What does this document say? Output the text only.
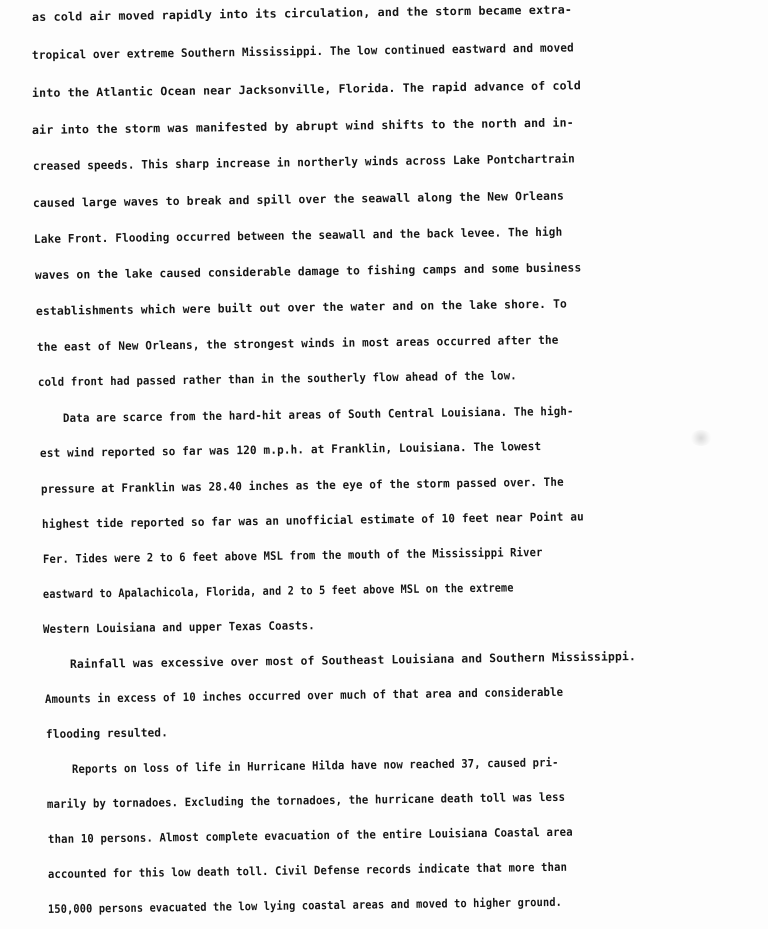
as cold air moved rapidly into its circulation, and the storm became extra-
tropical over extreme Southern Mississippi. The low continued eastward and moved
into the Atlantic Ocean near Jacksonville, Florida. The rapid advance of cold
air into the storm was manifested by abrupt wind shifts to the north and in-
creased speeds. This sharp increase in northerly winds across Lake Pontchartrain
caused large waves to break and spill over the seawall along the New Orleans
Lake Front. Flooding occurred between the seawall and the back levee. The high
waves on the lake caused considerable damage to fishing camps and some business
establishments which were built out over the water and on the lake shore. To
the east of New Orleans, the strongest winds in most areas occurred after the
cold front had passed rather than in the southerly flow ahead of the low.
Data are scarce from the hard-hit areas of South Central Louisiana. The high-
est wind reported so far was 120 m.p.h. at Franklin, Louisiana. The lowest
pressure at Franklin was 28.40 inches as the eye of the storm passed over. The
highest tide reported so far was an unofficial estimate of 10 feet near Point au
Fer. Tides were 2 to 6 feet above MSL from the mouth of the Mississippi River
eastward to Apalachicola, Florida, and 2 to 5 feet above MSL on the extreme
Western Louisiana and upper Texas Coasts.
Rainfall was excessive over most of Southeast Louisiana and Southern Mississippi.
Amounts in excess of 10 inches occurred over much of that area and considerable
flooding resulted.
Reports on loss of life in Hurricane Hilda have now reached 37, caused pri-
marily by tornadoes. Excluding the tornadoes, the hurricane death toll was less
than 10 persons. Almost complete evacuation of the entire Louisiana Coastal area
accounted for this low death toll. Civil Defense records indicate that more than
150,000 persons evacuated the low lying coastal areas and moved to higher ground.
